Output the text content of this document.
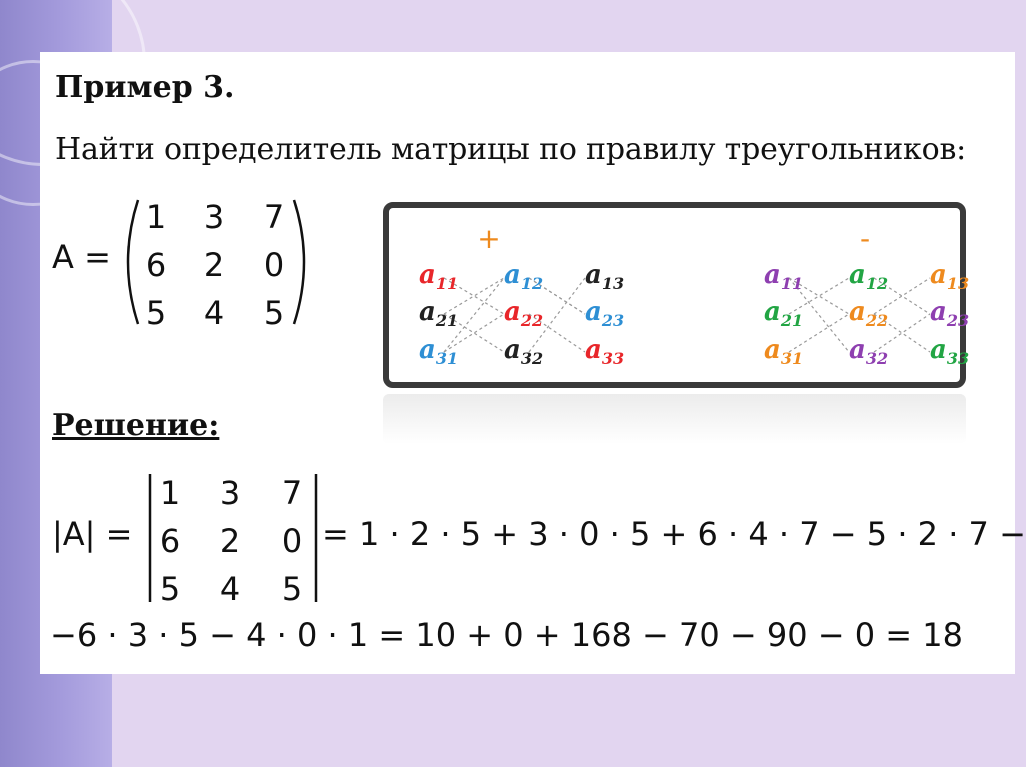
Пример 3.
Найти определитель матрицы по правилу треугольников:
A =
1 3 7
6 2 0
5 4 5
+	-
$a_{11}$ $a_{12}$ $a_{13}$
$a_{21}$ $a_{22}$ $a_{23}$
$a_{31}$ $a_{32}$ $a_{33}$
$a_{11}$ $a_{12}$ $a_{13}$
$a_{21}$ $a_{22}$ $a_{23}$
$a_{31}$ $a_{32}$ $a_{33}$
Решение:
|A| =
1 3 7
6 2 0
5 4 5
= 1 · 2 · 5 + 3 · 0 · 5 + 6 · 4 · 7 − 5 · 2 · 7 −
−6 · 3 · 5 − 4 · 0 · 1 = 10 + 0 + 168 − 70 − 90 − 0 = 18
